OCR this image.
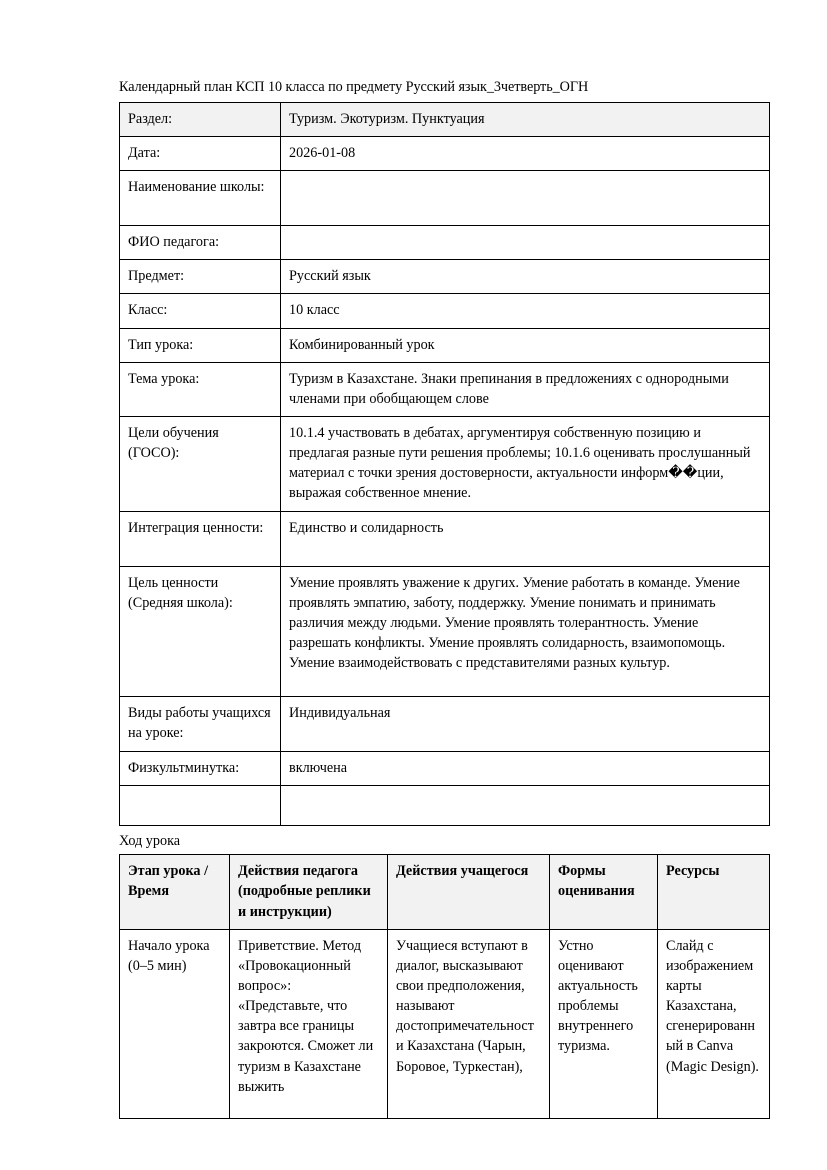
Календарный план КСП 10 класса по предмету Русский язык_3четверть_ОГН
Раздел:	Туризм. Экотуризм. Пунктуация
Дата:	2026-01-08
Наименование школы:	
ФИО педагога:	
Предмет:	Русский язык
Класс:	10 класс
Тип урока:	Комбинированный урок
Тема урока:	Туризм в Казахстане. Знаки препинания в предложениях с однородными членами при обобщающем слове
Цели обучения (ГОСО):	10.1.4 участвовать в дебатах, аргументируя собственную позицию и предлагая разные пути решения проблемы; 10.1.6 оценивать прослушанный материал с точки зрения достоверности, актуальности информ��ции, выражая собственное мнение.
Интеграция ценности:	Единство и солидарность
Цель ценности (Средняя школа):	Умение проявлять уважение к других. Умение работать в команде. Умение проявлять эмпатию, заботу, поддержку. Умение понимать и принимать различия между людьми. Умение проявлять толерантность. Умение разрешать конфликты. Умение проявлять солидарность, взаимопомощь. Умение взаимодействовать с представителями разных культур.
Виды работы учащихся на уроке:	Индивидуальная
Физкультминутка:	включена

Ход урока
Этап урока / Время	Действия педагога (подробные реплики и инструкции)	Действия учащегося	Формы оценивания	Ресурсы
Начало урока (0–5 мин)	Приветствие. Метод «Провокационный вопрос»: «Представьте, что завтра все границы закроются. Сможет ли туризм в Казахстане выжить	Учащиеся вступают в диалог, высказывают свои предположения, называют достопримечательности Казахстана (Чарын, Боровое, Туркестан),	Устно оценивают актуальность проблемы внутреннего туризма.	Слайд с изображением карты Казахстана, сгенерированный в Canva (Magic Design).
